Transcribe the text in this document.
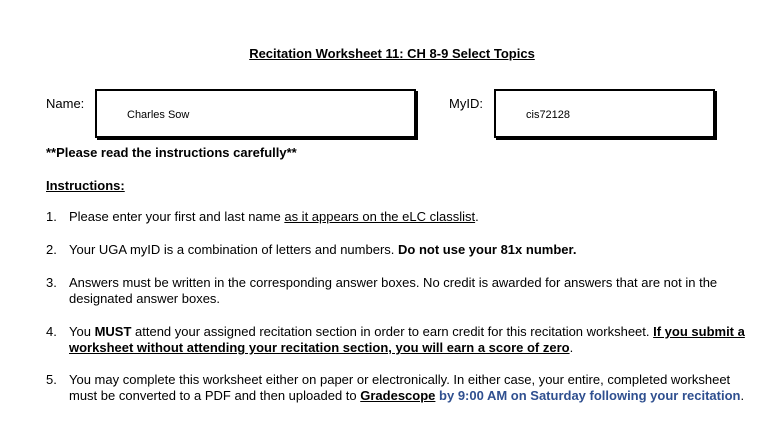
Recitation Worksheet 11: CH 8-9 Select Topics
Name:
Charles Sow
MyID:
cis72128
**Please read the instructions carefully**
Instructions:
1. Please enter your first and last name as it appears on the eLC classlist.
2. Your UGA myID is a combination of letters and numbers. Do not use your 81x number.
3. Answers must be written in the corresponding answer boxes. No credit is awarded for answers that are not in the designated answer boxes.
4. You MUST attend your assigned recitation section in order to earn credit for this recitation worksheet. If you submit a worksheet without attending your recitation section, you will earn a score of zero.
5. You may complete this worksheet either on paper or electronically. In either case, your entire, completed worksheet must be converted to a PDF and then uploaded to Gradescope by 9:00 AM on Saturday following your recitation.
